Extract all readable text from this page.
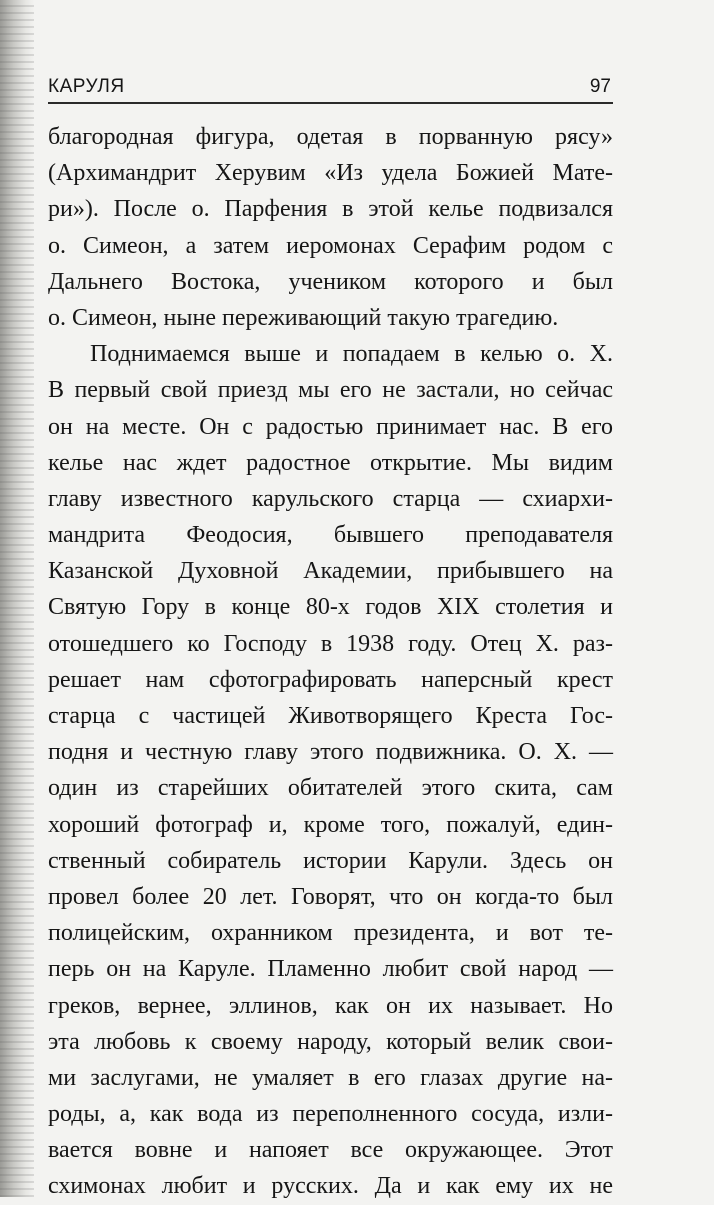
КАРУЛЯ	97
благородная фигура, одетая в порванную рясу»
(Архимандрит Херувим «Из удела Божией Мате-
ри»). После о. Парфения в этой келье подвизался
о. Симеон, а затем иеромонах Серафим родом с
Дальнего Востока, учеником которого и был
о. Симеон, ныне переживающий такую трагедию.
Поднимаемся выше и попадаем в келью о. Х.
В первый свой приезд мы его не застали, но сейчас
он на месте. Он с радостью принимает нас. В его
келье нас ждет радостное открытие. Мы видим
главу известного карульского старца — схиархи-
мандрита Феодосия, бывшего преподавателя
Казанской Духовной Академии, прибывшего на
Святую Гору в конце 80-х годов XIX столетия и
отошедшего ко Господу в 1938 году. Отец Х. раз-
решает нам сфотографировать наперсный крест
старца с частицей Животворящего Креста Гос-
подня и честную главу этого подвижника. О. Х. —
один из старейших обитателей этого скита, сам
хороший фотограф и, кроме того, пожалуй, един-
ственный собиратель истории Карули. Здесь он
провел более 20 лет. Говорят, что он когда-то был
полицейским, охранником президента, и вот те-
перь он на Каруле. Пламенно любит свой народ —
греков, вернее, эллинов, как он их называет. Но
эта любовь к своему народу, который велик свои-
ми заслугами, не умаляет в его глазах другие на-
роды, а, как вода из переполненного сосуда, изли-
вается вовне и напояет все окружающее. Этот
схимонах любит и русских. Да и как ему их не
